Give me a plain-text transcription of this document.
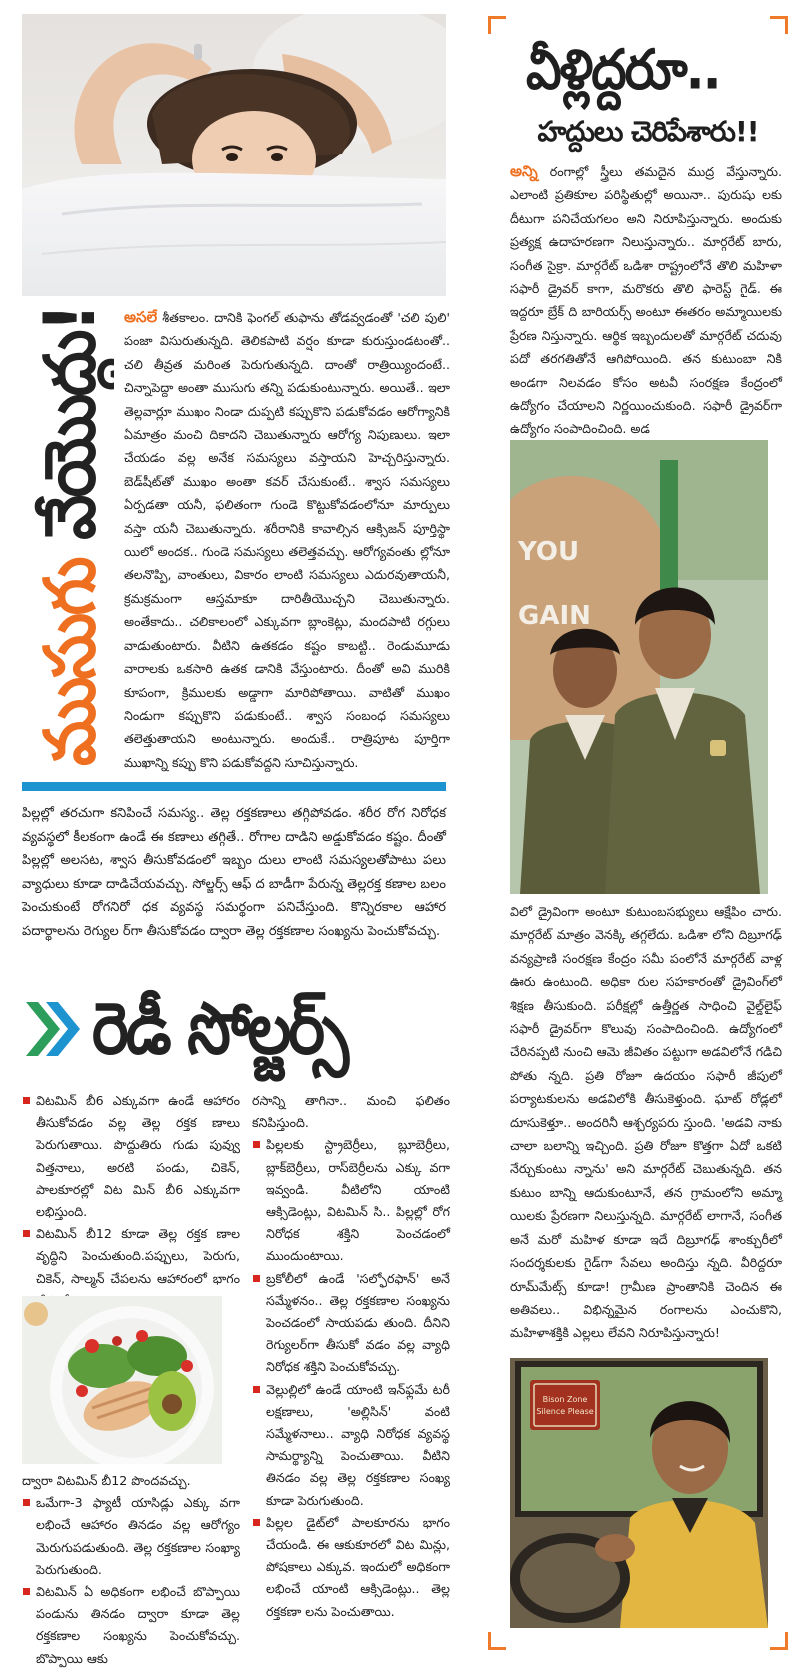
ముసుగు వేయొద్దు! అసలే శీతకాలం. దానికి ఫెంగల్ తుఫాను తోడవ్వడంతో 'చలి పులి' పంజా విసురుతున్నది. తెలికపాటి వర్షం కూడా కురుస్తుండటంతో.. చలి తీవ్రత మరింత పెరుగుతున్నది. దాంతో రాత్రియ్యిందంటే.. చిన్నాపెద్దా అంతా ముసుగు తన్ని పడుకుంటున్నారు. అయితే.. ఇలా తెల్లవార్లూ ముఖం నిండా దుప్పటి కప్పుకొని పడుకోవడం ఆరోగ్యానికి ఏమాత్రం మంచి దికాదని చెబుతున్నారు ఆరోగ్య నిపుణులు. ఇలా చేయడం వల్ల అనేక సమస్యలు వస్తాయని హెచ్చరిస్తున్నారు. బెడ్‌షీట్‌తో ముఖం అంతా కవర్ చేసుకుంటే.. శ్వాస సమస్యలు ఏర్పడతా యనీ, ఫలితంగా గుండె కొట్టుకోవడంలోనూ మార్పులు వస్తా యనీ చెబుతున్నారు. శరీరానికి కావాల్సిన ఆక్సిజన్ పూర్తిస్థా యిలో అందక.. గుండె సమస్యలు తలెత్తవచ్చు. ఆరోగ్యవంతు ల్లోనూ తలనొప్పి, వాంతులు, వికారం లాంటి సమస్యలు ఎదురవుతాయనీ, క్రమక్రమంగా ఆస్తమాకూ దారితీయొచ్చని చెబుతున్నారు. అంతేకాదు.. చలికాలంలో ఎక్కువగా బ్లాంకెట్లు, మందపాటి రగ్గులు వాడుతుంటారు. వీటిని ఉతకడం కష్టం కాబట్టి.. రెండుమూడు వారాలకు ఒకసారి ఉతక డానికి వేస్తుంటారు. దీంతో అవి మురికి కూపంగా, క్రిములకు అడ్డాగా మారిపోతాయి. వాటితో ముఖం నిండుగా కప్పుకొని పడుకుంటే.. శ్వాస సంబంధ సమస్యలు తలెత్తుతాయని అంటున్నారు. అందుకే.. రాత్రిపూట పూర్తిగా ముఖాన్ని కప్పు కొని పడుకోవద్దని సూచిస్తున్నారు.
పిల్లల్లో తరచుగా కనిపించే సమస్య.. తెల్ల రక్తకణాలు తగ్గిపోవడం. శరీర రోగ నిరోధక వ్యవస్థలో కీలకంగా ఉండే ఈ కణాలు తగ్గితే.. రోగాల దాడిని అడ్డుకోవడం కష్టం. దీంతో పిల్లల్లో అలసట, శ్వాస తీసుకోవడంలో ఇబ్బం దులు లాంటి సమస్యలతోపాటు పలు వ్యాధులు కూడా దాడిచేయవచ్చు. సోల్జర్స్ ఆఫ్ ద బాడీగా పేరున్న తెల్లరక్త కణాల బలం పెంచుకుంటే రోగనిరో ధక వ్యవస్థ సమర్థంగా పనిచేస్తుంది. కొన్నిరకాల ఆహార పదార్థాలను రెగ్యుల ర్‌గా తీసుకోవడం ద్వారా తెల్ల రక్తకణాల సంఖ్యను పెంచుకోవచ్చు.
రెడీ సోల్జర్స్
విటమిన్ బీ6 ఎక్కువగా ఉండే ఆహారం తీసుకోవడం వల్ల తెల్ల రక్తక ణాలు పెరుగుతాయి. పొద్దుతిరు గుడు పువ్వు విత్తనాలు, అరటి పండు, చికెన్, పాలకూరల్లో విట మిన్ బీ6 ఎక్కువగా లభిస్తుంది.
విటమిన్ బీ12 కూడా తెల్ల రక్తక ణాల వృద్ధిని పెంచుతుంది.పప్పులు, పెరుగు, చికెన్, సాల్మన్ చేపలను ఆహారంలో భాగం

ద్వారా విటమిన్ బీ12 పొందవచ్చు.

ఒమేగా-3 ఫ్యాటీ యాసిడ్లు ఎక్కు వగా లభించే ఆహారం తినడం వల్ల ఆరోగ్యం మెరుగుపడుతుంది. తెల్ల రక్తకణాల సంఖ్యా పెరుగుతుంది.
విటమిన్ ఏ అధికంగా లభించే బొప్పాయి పండును తినడం ద్వారా కూడా తెల్ల రక్తకణాల సంఖ్యను పెంచుకోవచ్చు. బొప్పాయి ఆకు

రసాన్ని తాగినా.. మంచి ఫలితం కనిపిస్తుంది.

పిల్లలకు స్ట్రాబెర్రీలు, బ్లూబెర్రీలు, బ్లాక్‌బెర్రీలు, రాస్‌బెర్రీలను ఎక్కు వగా ఇవ్వండి. వీటిలోని యాంటి ఆక్సిడెంట్లు, విటమిన్ సి.. పిల్లల్లో రోగ నిరోధక శక్తిని పెంచడంలో ముందుంటాయి.
బ్రకోలీలో ఉండే 'సల్ఫోరఫాన్' అనే సమ్మేళనం.. తెల్ల రక్తకణాల సంఖ్యను పెంచడంలో సాయపడు తుంది. దీనిని రెగ్యులర్‌గా తీసుకో వడం వల్ల వ్యాధి నిరోధక శక్తిని పెంచుకోవచ్చు.
వెల్లుల్లిలో ఉండే యాంటి ఇన్‌ఫ్లమే టరీ లక్షణాలు, 'అల్లిసిన్' వంటి సమ్మేళనాలు.. వ్యాధి నిరోధక వ్యవస్థ సామర్థ్యాన్ని పెంచుతాయి. వీటిని తినడం వల్ల తెల్ల రక్తకణాల సంఖ్య కూడా పెరుగుతుంది.
పిల్లల డైట్‌లో పాలకూరను భాగం చేయండి. ఈ ఆకుకూరలో విట మిన్లు, పోషకాలు ఎక్కువ. ఇందులో అధికంగా లభించే యాంటి ఆక్సిడెంట్లు.. తెల్ల రక్తకణా లను పెంచుతాయి.
వీళ్లిద్దరూ..
హద్దులు చెరిపేశారు!!
అన్ని రంగాల్లో స్త్రీలు తమదైన ముద్ర వేస్తున్నారు. ఎలాంటి ప్రతికూల పరిస్థితుల్లో అయినా.. పురుషు లకు దీటుగా పనిచేయగలం అని నిరూపిస్తున్నారు. అందుకు ప్రత్యక్ష ఉదాహరణగా నిలుస్తున్నారు.. మార్గరేట్ బారు, సంగీత సైక్రా. మార్గరేట్ ఒడిశా రాష్ట్రంలోనే తొలి మహిళా సఫారీ డ్రైవర్ కాగా, మరొకరు తొలి ఫారెస్ట్ గైడ్. ఈ ఇద్దరూ బ్రేక్ ది బారియర్స్ అంటూ ఈతరం అమ్మాయిలకు ప్రేరణ నిస్తున్నారు. ఆర్థిక ఇబ్బందులతో మార్గరేట్ చదువు పదో తరగతితోనే ఆగిపోయింది. తన కుటుంబా నికి అండగా నిలవడం కోసం అటవీ సంరక్షణ కేంద్రంలో ఉద్యోగం చేయాలని నిర్ణయించుకుంది. సఫారీ డ్రైవర్‌గా ఉద్యోగం సంపాదించింది. అడ
YOU GAIN
విలో డ్రైవింగా అంటూ కుటుంబసభ్యులు ఆక్షేపిం చారు. మార్గరేట్ మాత్రం వెనక్కి తగ్గలేదు. ఒడిశా లోని దిబ్రూగఢ్ వన్యప్రాణి సంరక్షణ కేంద్రం సమీ పంలోనే మార్గరేట్ వాళ్ల ఊరు ఉంటుంది. అధికా రుల సహకారంతో డ్రైవింగ్‌లో శిక్షణ తీసుకుంది. పరీక్షల్లో ఉత్తీర్ణత సాధించి వైల్డ్‌లైఫ్ సఫారీ డ్రైవర్‌గా కొలువు సంపాదించింది. ఉద్యోగంలో చేరినప్పటి నుంచి ఆమె జీవితం పట్టుగా అడవిలోనే గడిచి పోతు న్నది. ప్రతి రోజూ ఉదయం సఫారీ జీపులో పర్యాటకులను అడవిలోకి తీసుకెళ్తుంది. ఘాట్ రోడ్లలో దూసుకెళ్తూ.. అందరినీ ఆశ్చర్యపరు స్తుంది. 'అడవి నాకు చాలా బలాన్ని ఇచ్చింది. ప్రతి రోజూ కొత్తగా ఏదో ఒకటి నేర్చుకుంటు న్నాను' అని మార్గరేట్ చెబుతున్నది. తన కుటుం బాన్ని ఆదుకుంటూనే, తన గ్రామంలోని అమ్మా యిలకు ప్రేరణగా నిలుస్తున్నది. మార్గరేట్ లాగానే, సంగీత అనే మరో మహిళ కూడా ఇదే దిబ్రూగఢ్ శాంక్చురీలో సందర్శకులకు గైడ్‌గా సేవలు అందిస్తు న్నది. వీరిద్దరూ రూమ్‌మేట్స్ కూడా! గ్రామీణ ప్రాంతానికి చెందిన ఈ అతివలు.. విభిన్నమైన రంగాలను ఎంచుకొని, మహిళాశక్తికి ఎల్లలు లేవని నిరూపిస్తున్నారు!
Bison Zone Silence Please
